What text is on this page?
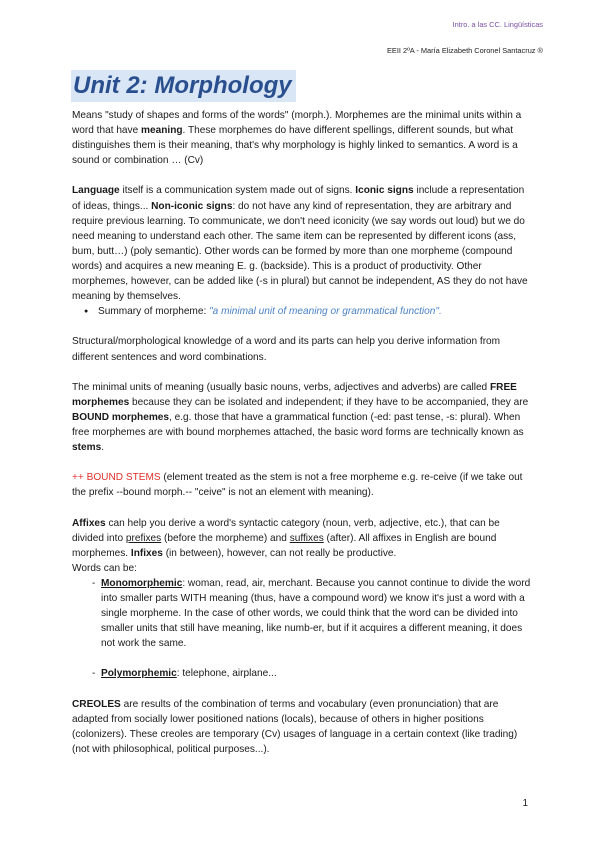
Intro. a las CC. Lingüísticas
EEII 2ºA - María Elizabeth Coronel Santacruz ®
Unit 2: Morphology

Means "study of shapes and forms of the words" (morph.). Morphemes are the minimal units within a word that have meaning. These morphemes do have different spellings, different sounds, but what distinguishes them is their meaning, that's why morphology is highly linked to semantics. A word is a sound or combination … (Cv)

Language itself is a communication system made out of signs. Iconic signs include a representation of ideas, things... Non-iconic signs: do not have any kind of representation, they are arbitrary and require previous learning. To communicate, we don't need iconicity (we say words out loud) but we do need meaning to understand each other. The same item can be represented by different icons (ass, bum, butt…) (poly semantic). Other words can be formed by more than one morpheme (compound words) and acquires a new meaning E. g. (backside). This is a product of productivity. Other morphemes, however, can be added like (-s in plural) but cannot be independent, AS they do not have meaning by themselves.
● Summary of morpheme: "a minimal unit of meaning or grammatical function".

Structural/morphological knowledge of a word and its parts can help you derive information from different sentences and word combinations.

The minimal units of meaning (usually basic nouns, verbs, adjectives and adverbs) are called FREE morphemes because they can be isolated and independent; if they have to be accompanied, they are BOUND morphemes, e.g. those that have a grammatical function (-ed: past tense, -s: plural). When free morphemes are with bound morphemes attached, the basic word forms are technically known as stems.

++ BOUND STEMS (element treated as the stem is not a free morpheme e.g. re-ceive (if we take out the prefix --bound morph.-- "ceive" is not an element with meaning).

Affixes can help you derive a word's syntactic category (noun, verb, adjective, etc.), that can be divided into prefixes (before the morpheme) and suffixes (after). All affixes in English are bound morphemes. Infixes (in between), however, can not really be productive.
Words can be:
- Monomorphemic: woman, read, air, merchant. Because you cannot continue to divide the word into smaller parts WITH meaning (thus, have a compound word) we know it's just a word with a single morpheme. In the case of other words, we could think that the word can be divided into smaller units that still have meaning, like numb-er, but if it acquires a different meaning, it does not work the same.
- Polymorphemic: telephone, airplane...

CREOLES are results of the combination of terms and vocabulary (even pronunciation) that are adapted from socially lower positioned nations (locals), because of others in higher positions (colonizers). These creoles are temporary (Cv) usages of language in a certain context (like trading) (not with philosophical, political purposes...).

1
